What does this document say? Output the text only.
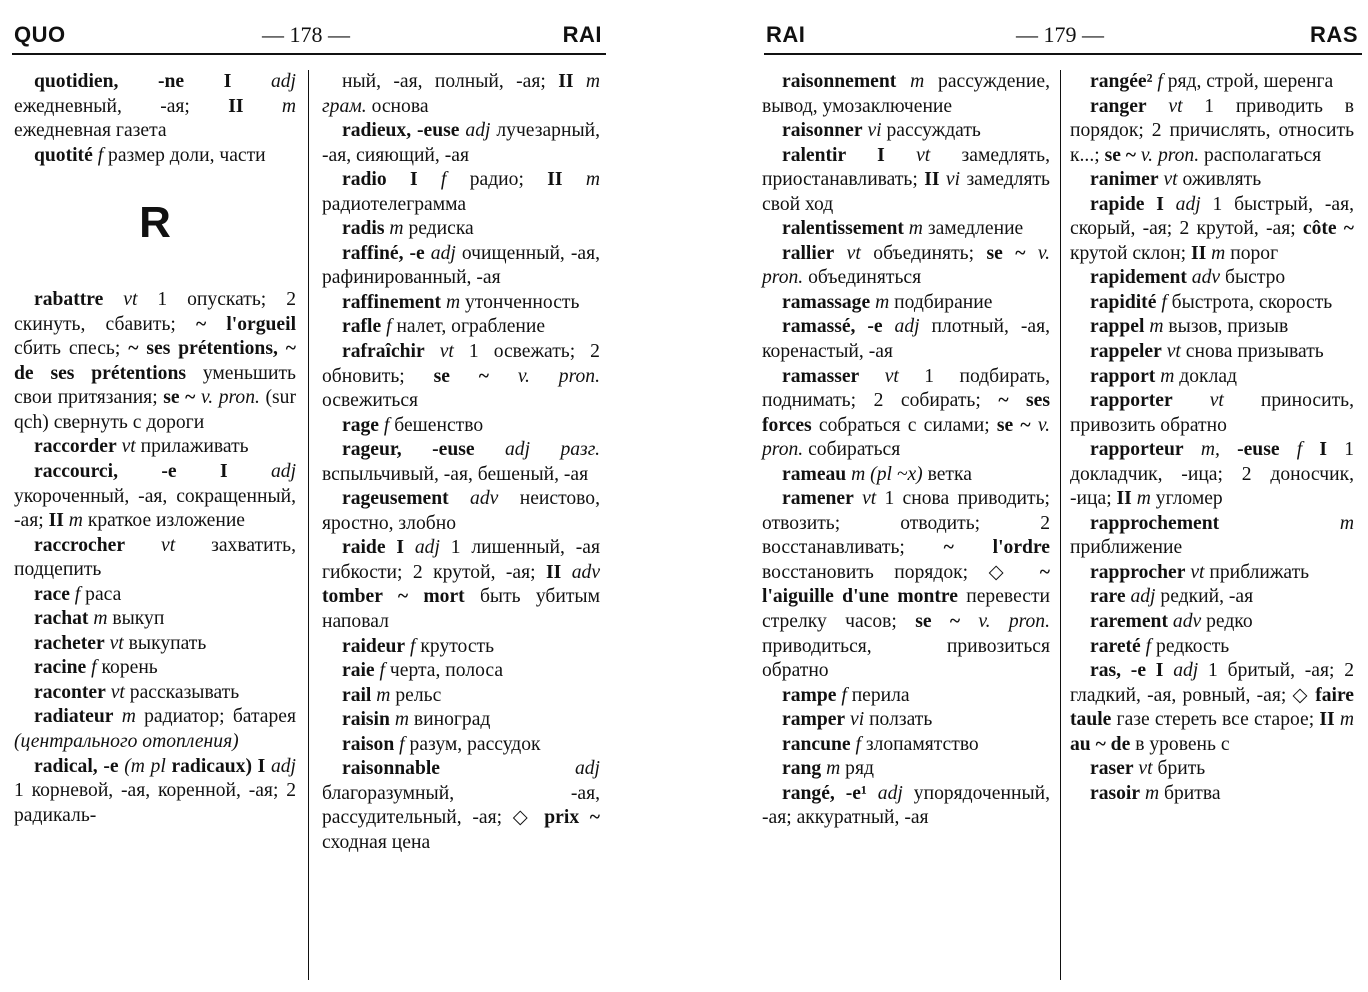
QUO	— 178 —	RAI

quotidien, -ne I adj ежедневный, -ая; II m ежедневная газета

quotité f размер доли, части

R

rabattre vt 1 опускать; 2 скинуть, сбавить; ~ l'orgueil сбить спесь; ~ ses prétentions, ~ de ses prétentions уменьшить свои притязания; se ~ v. pron. (sur qch) свернуть с дороги

raccorder vt прилаживать

raccourci, -e I adj укороченный, -ая, сокращенный, -ая; II m краткое изложение

raccrocher vt захватить, подцепить

race f раса

rachat m выкуп

racheter vt выкупать

racine f корень

raconter vt рассказывать

radiateur m радиатор; батарея (центрального отопления)

radical, -e (m pl radicaux) I adj 1 корневой, -ая, коренной, -ая; 2 радикаль-

ный, -ая, полный, -ая; II m грам. основа

radieux, -euse adj лучезарный, -ая, сияющий, -ая

radio I f радио; II m радиотелеграмма

radis m редиска

raffiné, -e adj очищенный, -ая, рафинированный, -ая

raffinement m утонченность

rafle f налет, ограбление

rafraîchir vt 1 освежать; 2 обновить; se ~ v. pron. освежиться

rage f бешенство

rageur, -euse adj разг. вспыльчивый, -ая, бешеный, -ая

rageusement adv неистово, яростно, злобно

raide I adj 1 лишенный, -ая гибкости; 2 крутой, -ая; II adv tomber ~ mort быть убитым наповал

raideur f крутость

raie f черта, полоса

rail m рельс

raisin m виноград

raison f разум, рассудок

raisonnable	adj благоразумный, -ая, рассудительный, -ая; ◇ prix ~ сходная цена

RAI	— 179 —	RAS

raisonnement m рассуждение, вывод, умозаключение

raisonner vi рассуждать

ralentir I vt замедлять, приостанавливать; II vi замедлять свой ход

ralentissement m замедление

rallier vt объединять; se ~ v. pron. объединяться

ramassage m подбирание

ramassé, -e adj плотный, -ая, коренастый, -ая

ramasser vt 1 подбирать, поднимать; 2 собирать; ~ ses forces собраться с силами; se ~ v. pron. собираться

rameau m (pl ~x) ветка

ramener vt 1 снова приводить; отвозить; отводить; 2 восстанавливать; ~ l'ordre восстановить порядок; ◇ ~ l'aiguille d'une montre перевести стрелку часов; se ~ v. pron. приводиться, привозиться обратно

rampe f перила

ramper vi ползать

rancune f злопамятство

rang m ряд

rangé, -e¹ adj упорядоченный, -ая; аккуратный, -ая

rangée² f ряд, строй, шеренга

ranger vt 1 приводить в порядок; 2 причислять, относить к...; se ~ v. pron. располагаться

ranimer vt оживлять

rapide I adj 1 быстрый, -ая, скорый, -ая; 2 крутой, -ая; côte ~ крутой склон; II m порог

rapidement adv быстро

rapidité f быстрота, скорость

rappel m вызов, призыв

rappeler vt снова призывать

rapport m доклад

rapporter vt приносить, привозить обратно

rapporteur m, -euse f I 1 докладчик, -ица; 2 доносчик, -ица; II m угломер

rapprochement	m приближение

rapprocher vt приближать

rare adj редкий, -ая

rarement adv редко

rareté f редкость

ras, -e I adj 1 бритый, -ая; 2 гладкий, -ая, ровный, -ая; ◇ faire taule газе стереть все старое; II m au ~ de в уровень с

raser vt брить

rasoir m бритва
